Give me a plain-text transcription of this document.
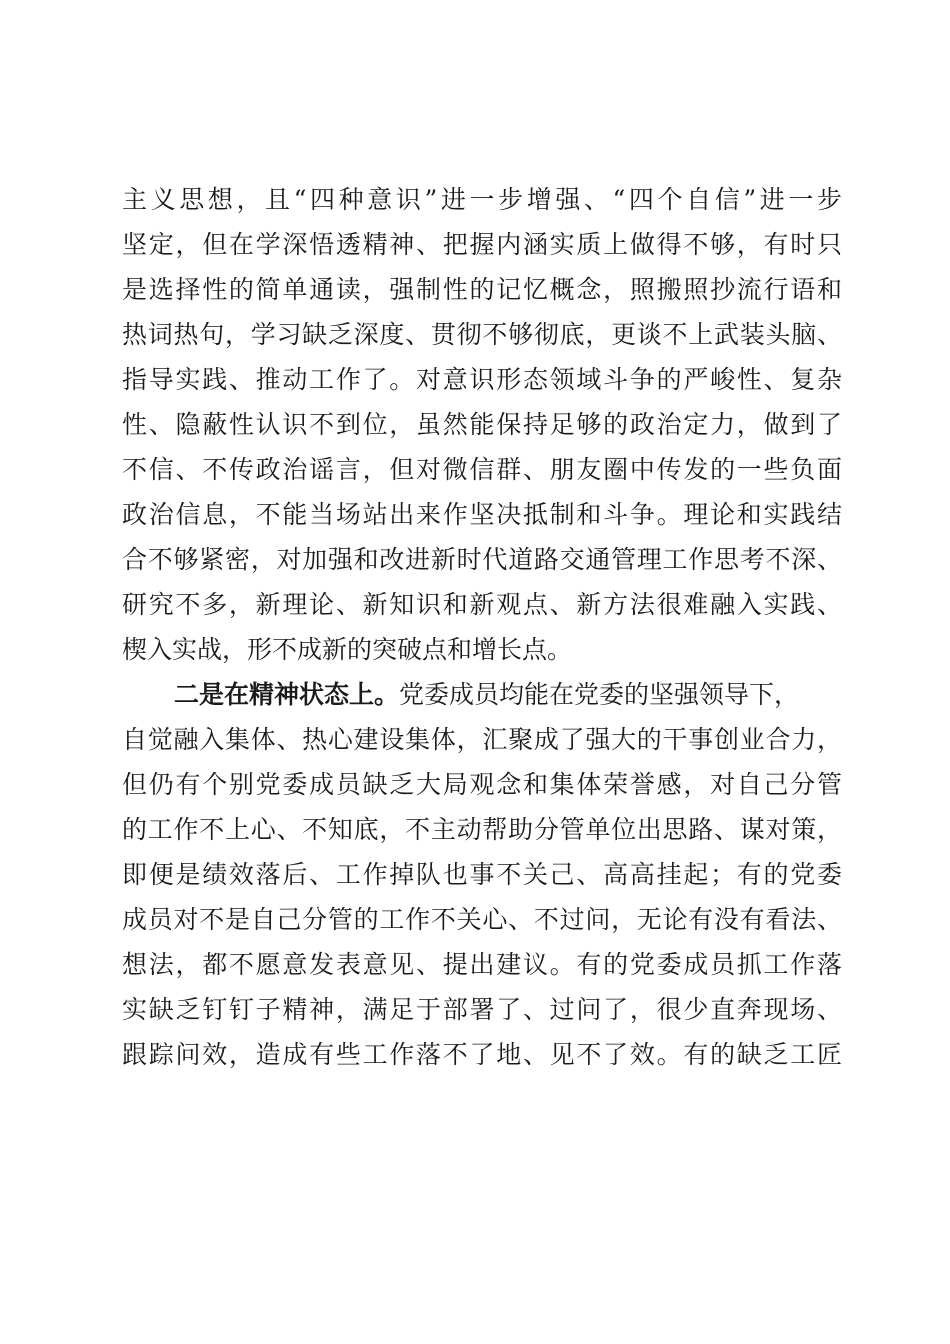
主义思想，且“四种意识”进一步增强、“四个自信”进一步
坚定，但在学深悟透精神、把握内涵实质上做得不够，有时只
是选择性的简单通读，强制性的记忆概念，照搬照抄流行语和
热词热句，学习缺乏深度、贯彻不够彻底，更谈不上武装头脑、
指导实践、推动工作了。对意识形态领域斗争的严峻性、复杂
性、隐蔽性认识不到位，虽然能保持足够的政治定力，做到了
不信、不传政治谣言，但对微信群、朋友圈中传发的一些负面
政治信息，不能当场站出来作坚决抵制和斗争。理论和实践结
合不够紧密，对加强和改进新时代道路交通管理工作思考不深、
研究不多，新理论、新知识和新观点、新方法很难融入实践、
楔入实战，形不成新的突破点和增长点。
二是在精神状态上。党委成员均能在党委的坚强领导下，
自觉融入集体、热心建设集体，汇聚成了强大的干事创业合力，
但仍有个别党委成员缺乏大局观念和集体荣誉感，对自己分管
的工作不上心、不知底，不主动帮助分管单位出思路、谋对策，
即便是绩效落后、工作掉队也事不关己、高高挂起；有的党委
成员对不是自己分管的工作不关心、不过问，无论有没有看法、
想法，都不愿意发表意见、提出建议。有的党委成员抓工作落
实缺乏钉钉子精神，满足于部署了、过问了，很少直奔现场、
跟踪问效，造成有些工作落不了地、见不了效。有的缺乏工匠
